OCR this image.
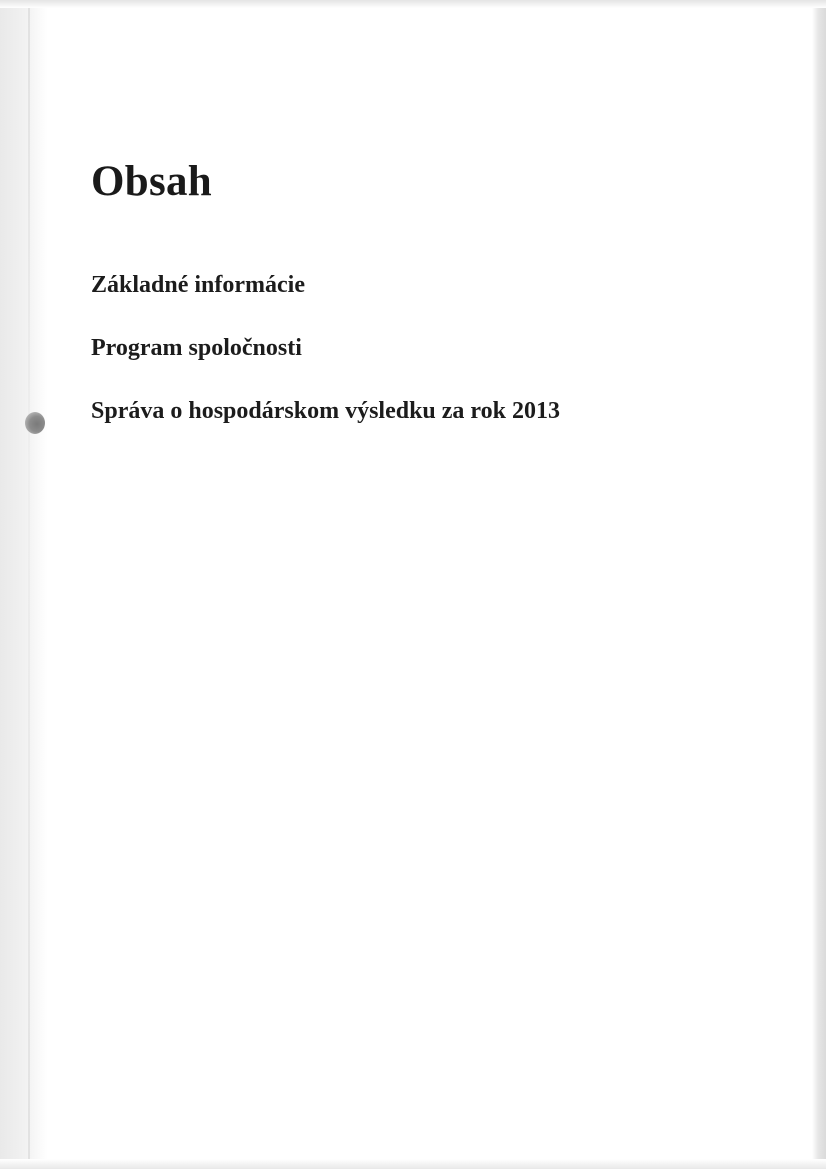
Obsah
Základné informácie
Program spoločnosti
Správa o hospodárskom výsledku za rok 2013
